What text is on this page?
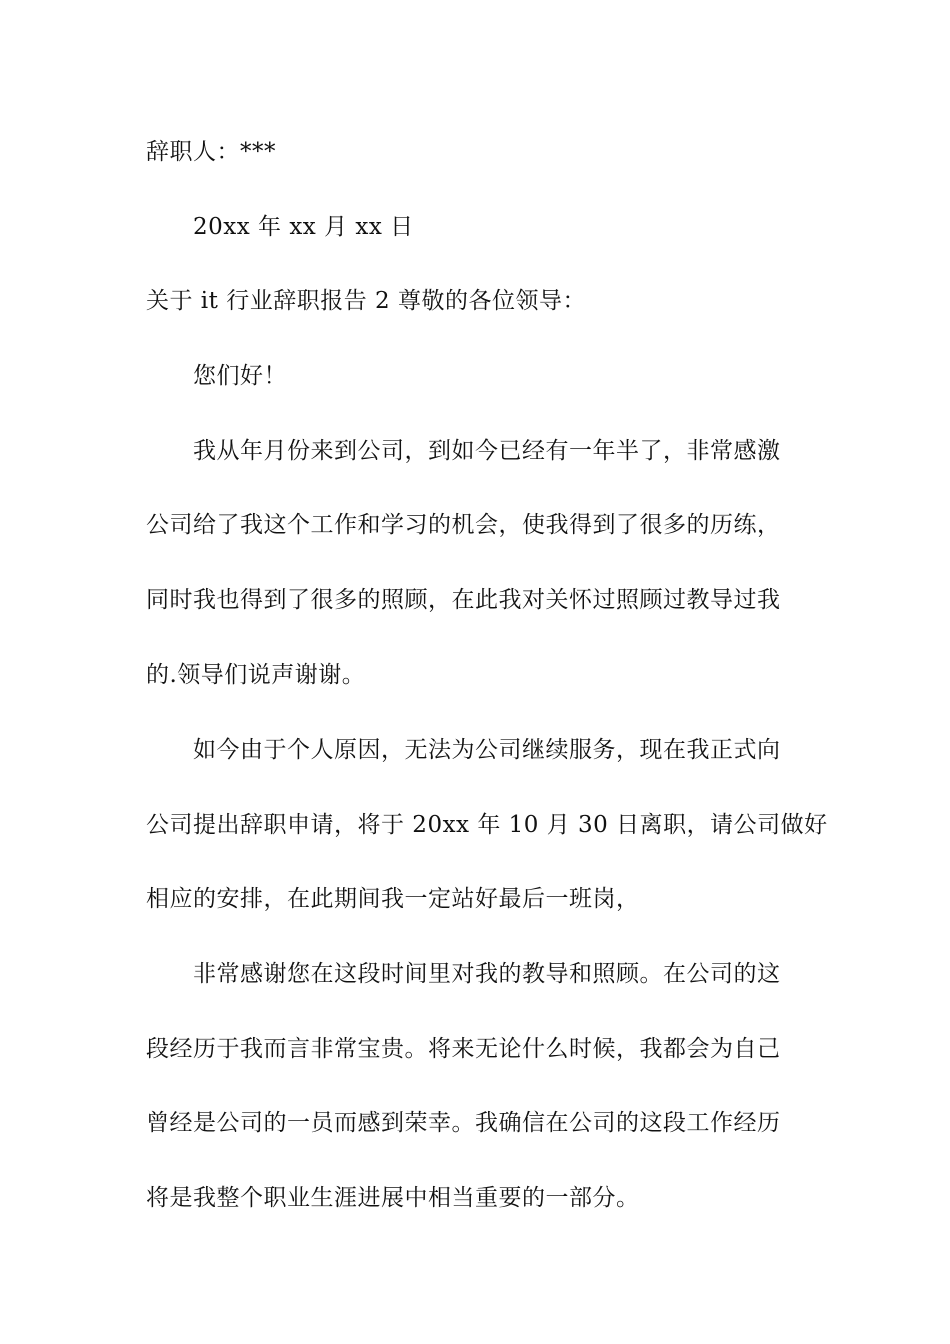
辞职人：***
20xx 年 xx 月 xx 日
关于 it 行业辞职报告 2 尊敬的各位领导：
您们好！
我从年月份来到公司，到如今已经有一年半了，非常感激
公司给了我这个工作和学习的机会，使我得到了很多的历练，
同时我也得到了很多的照顾，在此我对关怀过照顾过教导过我
的.领导们说声谢谢。
如今由于个人原因，无法为公司继续服务，现在我正式向
公司提出辞职申请，将于 20xx 年 10 月 30 日离职，请公司做好
相应的安排，在此期间我一定站好最后一班岗，
非常感谢您在这段时间里对我的教导和照顾。在公司的这
段经历于我而言非常宝贵。将来无论什么时候，我都会为自己
曾经是公司的一员而感到荣幸。我确信在公司的这段工作经历
将是我整个职业生涯进展中相当重要的一部分。
